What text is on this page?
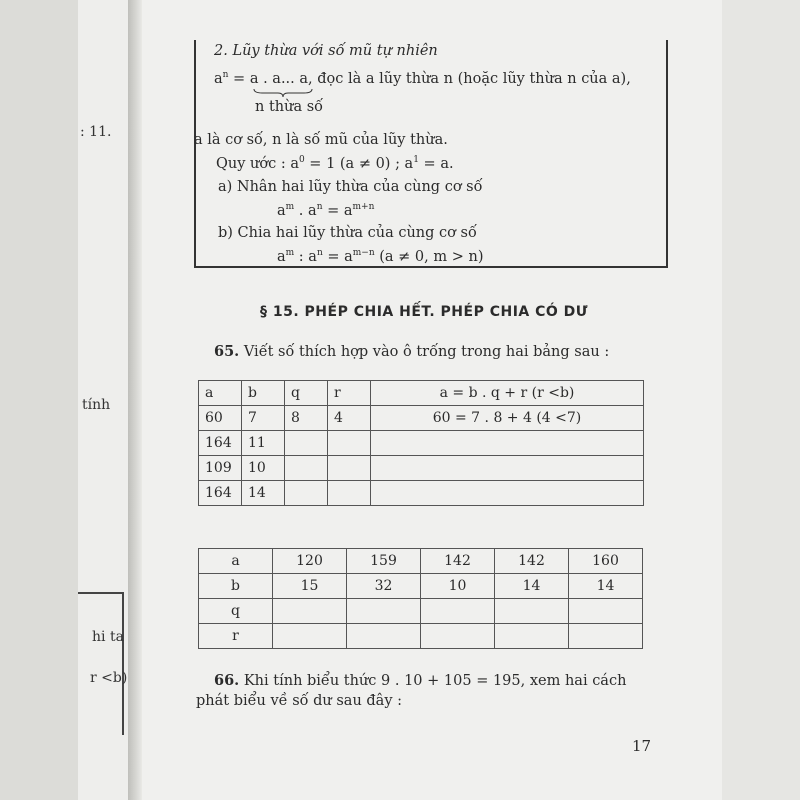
: 11.
tính
hi ta
r <b)
2. Lũy thừa với số mũ tự nhiên
$a^n = a$ . a... a, đọc là a lũy thừa n (hoặc lũy thừa n của a),
n thừa số
a là cơ số, n là số mũ của lũy thừa.
Quy ước : $a^0 = 1$ (a ≠ 0) ; $a^1 = a$.
a) Nhân hai lũy thừa của cùng cơ số
$a^m$ . $a^n = a^{m+n}$
b) Chia hai lũy thừa của cùng cơ số
$a^m$ : $a^n = a^{m-n}$ (a ≠ 0, m > n)
§ 15. PHÉP CHIA HẾT. PHÉP CHIA CÓ DƯ
65. Viết số thích hợp vào ô trống trong hai bảng sau :
a	b	q	r	a = b . q + r (r <b)
60	7	8	4	60 = 7 . 8 + 4 (4 <7)
164	11			
109	10			
164	14			
a	120	159	142	142	160
b	15	32	10	14	14
q					
r					
66. Khi tính biểu thức 9 . 10 + 105 = 195, xem hai cách
phát biểu về số dư sau đây :
17
